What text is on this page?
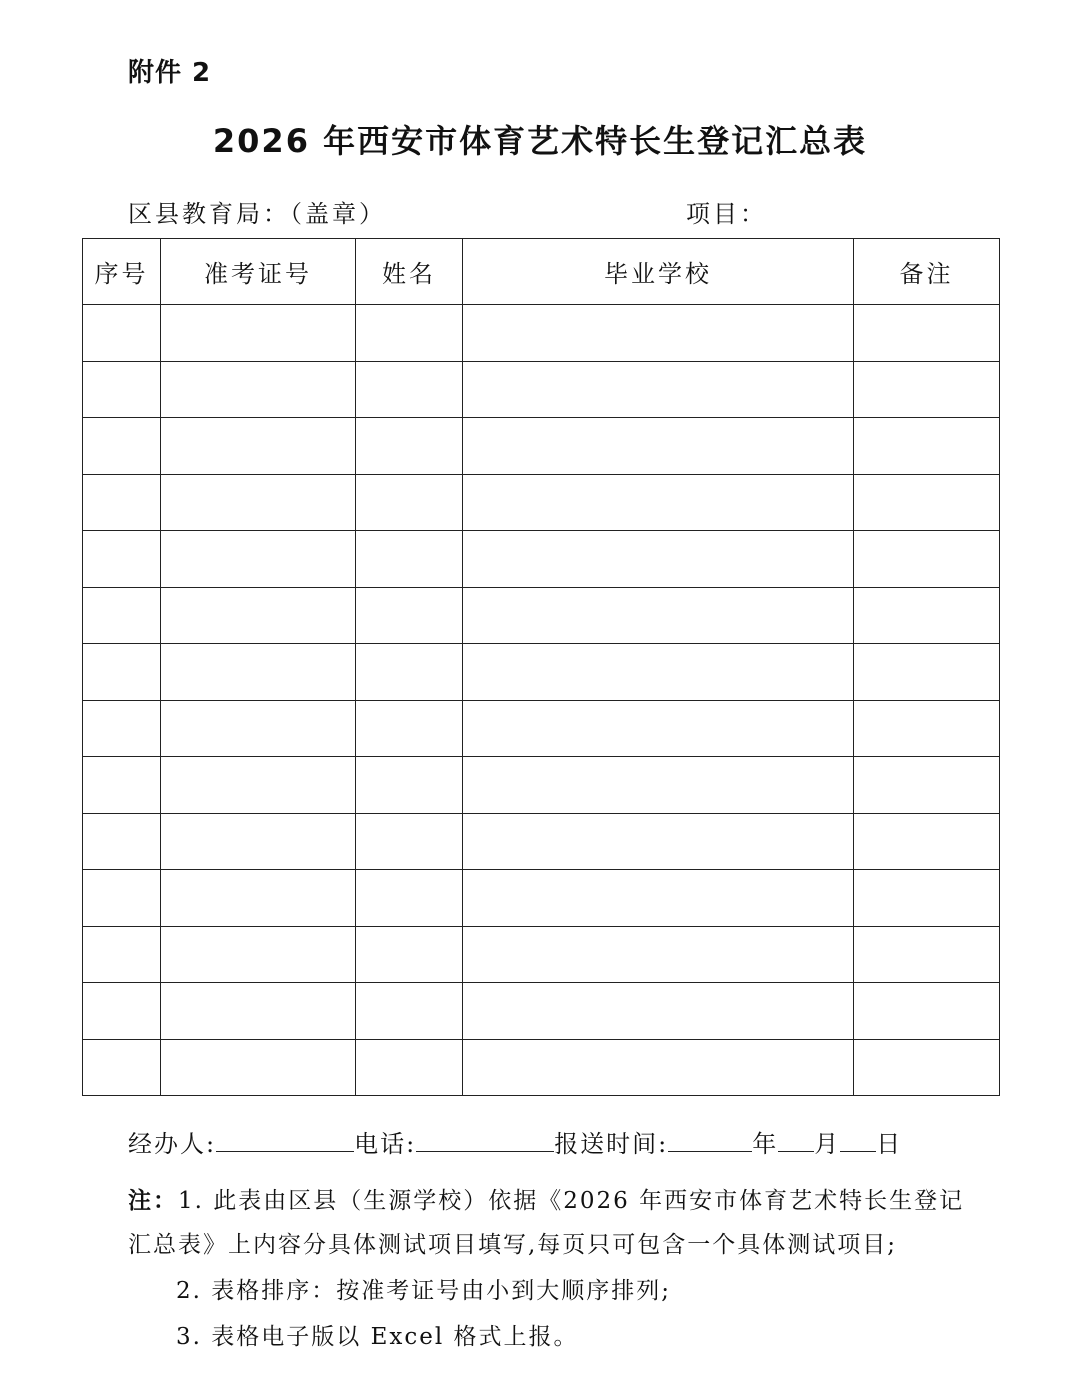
附件 2
2026 年西安市体育艺术特长生登记汇总表
区县教育局：（盖章）	项目：
序号	准考证号	姓名	毕业学校	备注

经办人:	电话:	报送时间:	年 月 日
注：1. 此表由区县（生源学校）依据《2026 年西安市体育艺术特长生登记
汇总表》上内容分具体测试项目填写,每页只可包含一个具体测试项目;
2. 表格排序：按准考证号由小到大顺序排列;
3. 表格电子版以 Excel 格式上报。
